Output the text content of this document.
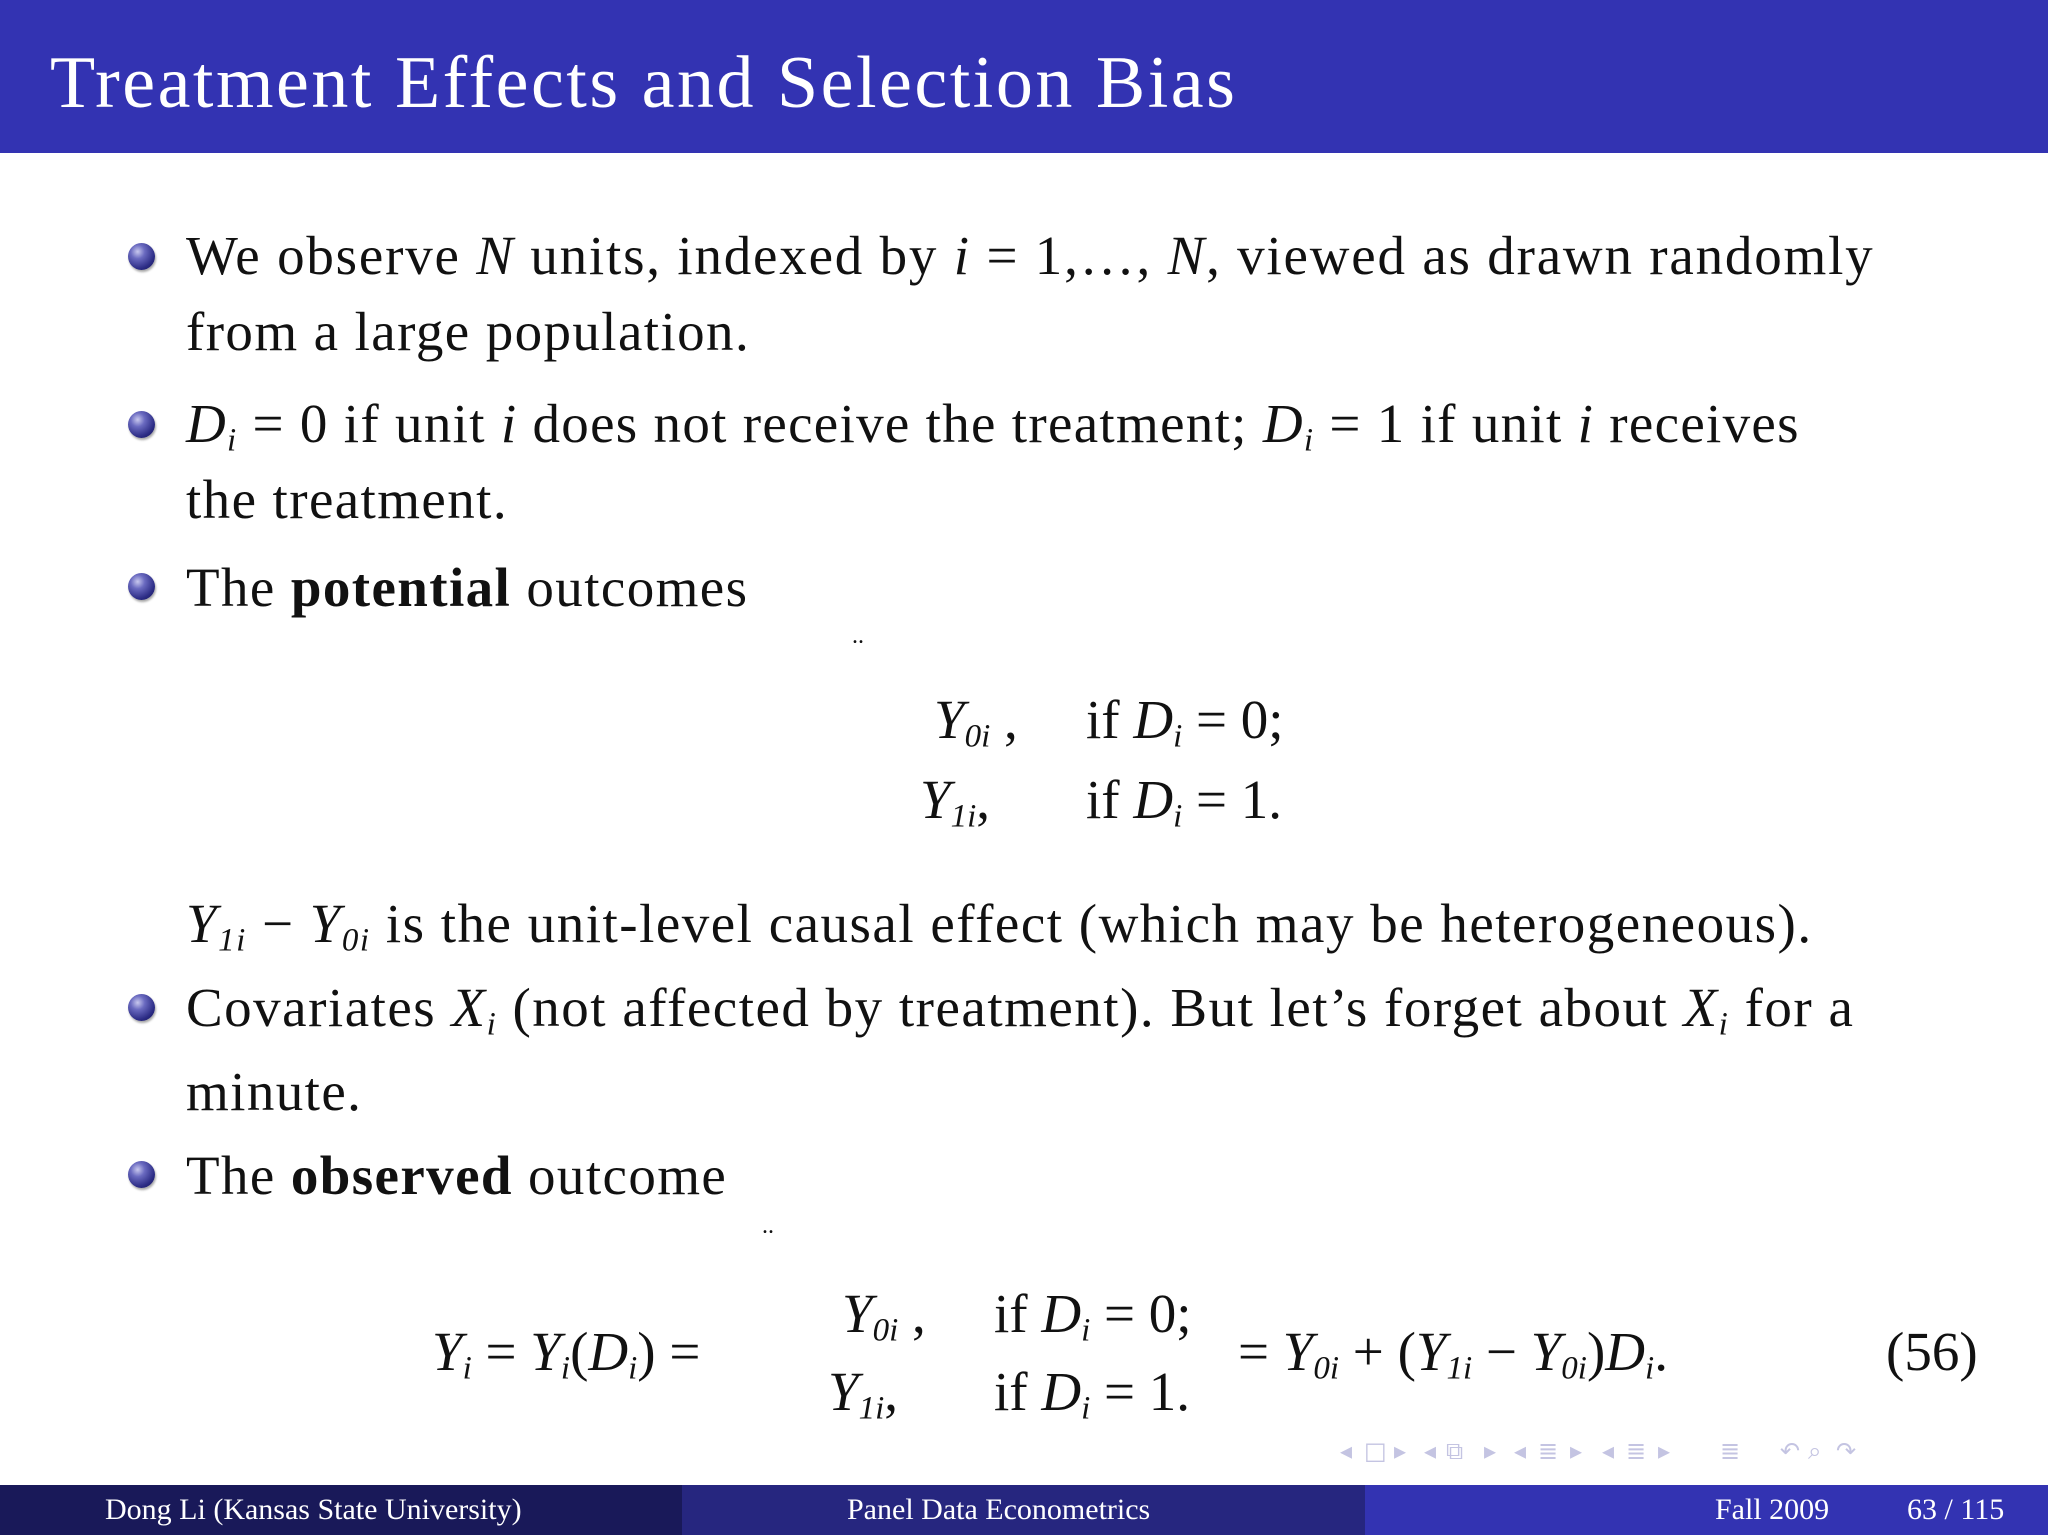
Treatment Effects and Selection Bias
We observe N units, indexed by i = 1,…, N, viewed as drawn randomly
from a large population.
$D_i = 0$ if unit i does not receive the treatment; $D_i = 1$ if unit i receives
the treatment.
The potential outcomes
..
$Y_{0i}$ , if $D_i = 0$;
$Y_{1i}$, if $D_i = 1$.
$Y_{1i} - Y_{0i}$ is the unit-level causal effect (which may be heterogeneous).
Covariates $X_i$ (not affected by treatment). But let’s forget about $X_i$ for a
minute.
The observed outcome
..
$Y_i = Y_i(D_i)$ =
$Y_{0i}$ , if $D_i = 0$;
$Y_{1i}$, if $D_i = 1$.
= $Y_{0i} + (Y_{1i} - Y_{0i})D_i$.	(56)
◂ □ ▸ ◂ ⧉ ▸ ◂ ≣ ▸ ◂ ≣ ▸ ≣ ↶ ⌕ ↷
Dong Li (Kansas State University)	Panel Data Econometrics	Fall 2009	63 / 115
